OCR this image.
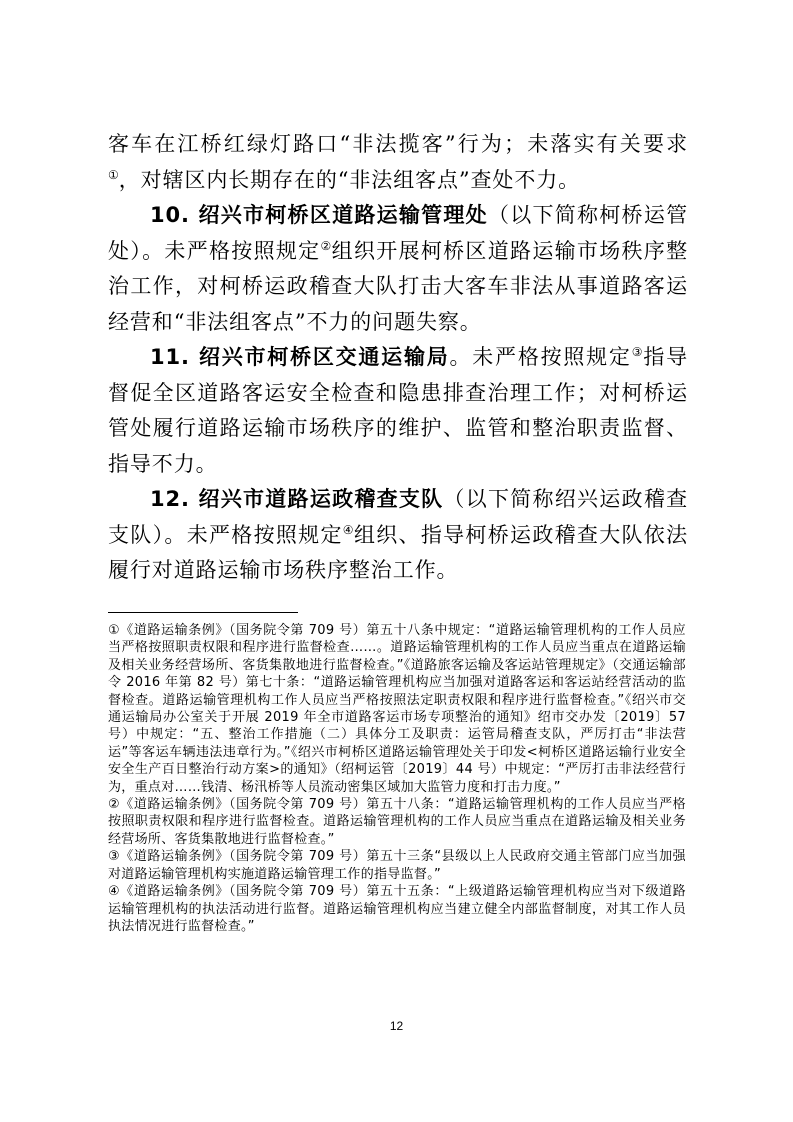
客车在江桥红绿灯路口“非法揽客”行为；未落实有关要求①，对辖区内长期存在的“非法组客点”查处不力。

10. 绍兴市柯桥区道路运输管理处（以下简称柯桥运管处）。未严格按照规定②组织开展柯桥区道路运输市场秩序整治工作，对柯桥运政稽查大队打击大客车非法从事道路客运经营和“非法组客点”不力的问题失察。

11. 绍兴市柯桥区交通运输局。未严格按照规定③指导督促全区道路客运安全检查和隐患排查治理工作；对柯桥运管处履行道路运输市场秩序的维护、监管和整治职责监督、指导不力。

12. 绍兴市道路运政稽查支队（以下简称绍兴运政稽查支队）。未严格按照规定④组织、指导柯桥运政稽查大队依法履行对道路运输市场秩序整治工作。

①《道路运输条例》（国务院令第 709 号）第五十八条中规定：“道路运输管理机构的工作人员应当严格按照职责权限和程序进行监督检查……。道路运输管理机构的工作人员应当重点在道路运输及相关业务经营场所、客货集散地进行监督检查。”《道路旅客运输及客运站管理规定》（交通运输部令 2016 年第 82 号）第七十条：“道路运输管理机构应当加强对道路客运和客运站经营活动的监督检查。道路运输管理机构工作人员应当严格按照法定职责权限和程序进行监督检查。”《绍兴市交通运输局办公室关于开展 2019 年全市道路客运市场专项整治的通知》绍市交办发〔2019〕57 号）中规定：“五、整治工作措施（二）具体分工及职责：运管局稽查支队，严厉打击“非法营运”等客运车辆违法违章行为。”《绍兴市柯桥区道路运输管理处关于印发<柯桥区道路运输行业安全安全生产百日整治行动方案>的通知》（绍柯运管〔2019〕44 号）中规定：“严厉打击非法经营行为，重点对……钱清、杨汛桥等人员流动密集区域加大监管力度和打击力度。”

②《道路运输条例》（国务院令第 709 号）第五十八条：“道路运输管理机构的工作人员应当严格按照职责权限和程序进行监督检查。道路运输管理机构的工作人员应当重点在道路运输及相关业务经营场所、客货集散地进行监督检查。”

③《道路运输条例》（国务院令第 709 号）第五十三条“县级以上人民政府交通主管部门应当加强对道路运输管理机构实施道路运输管理工作的指导监督。”

④《道路运输条例》（国务院令第 709 号）第五十五条：“上级道路运输管理机构应当对下级道路运输管理机构的执法活动进行监督。道路运输管理机构应当建立健全内部监督制度，对其工作人员执法情况进行监督检查。”

12
